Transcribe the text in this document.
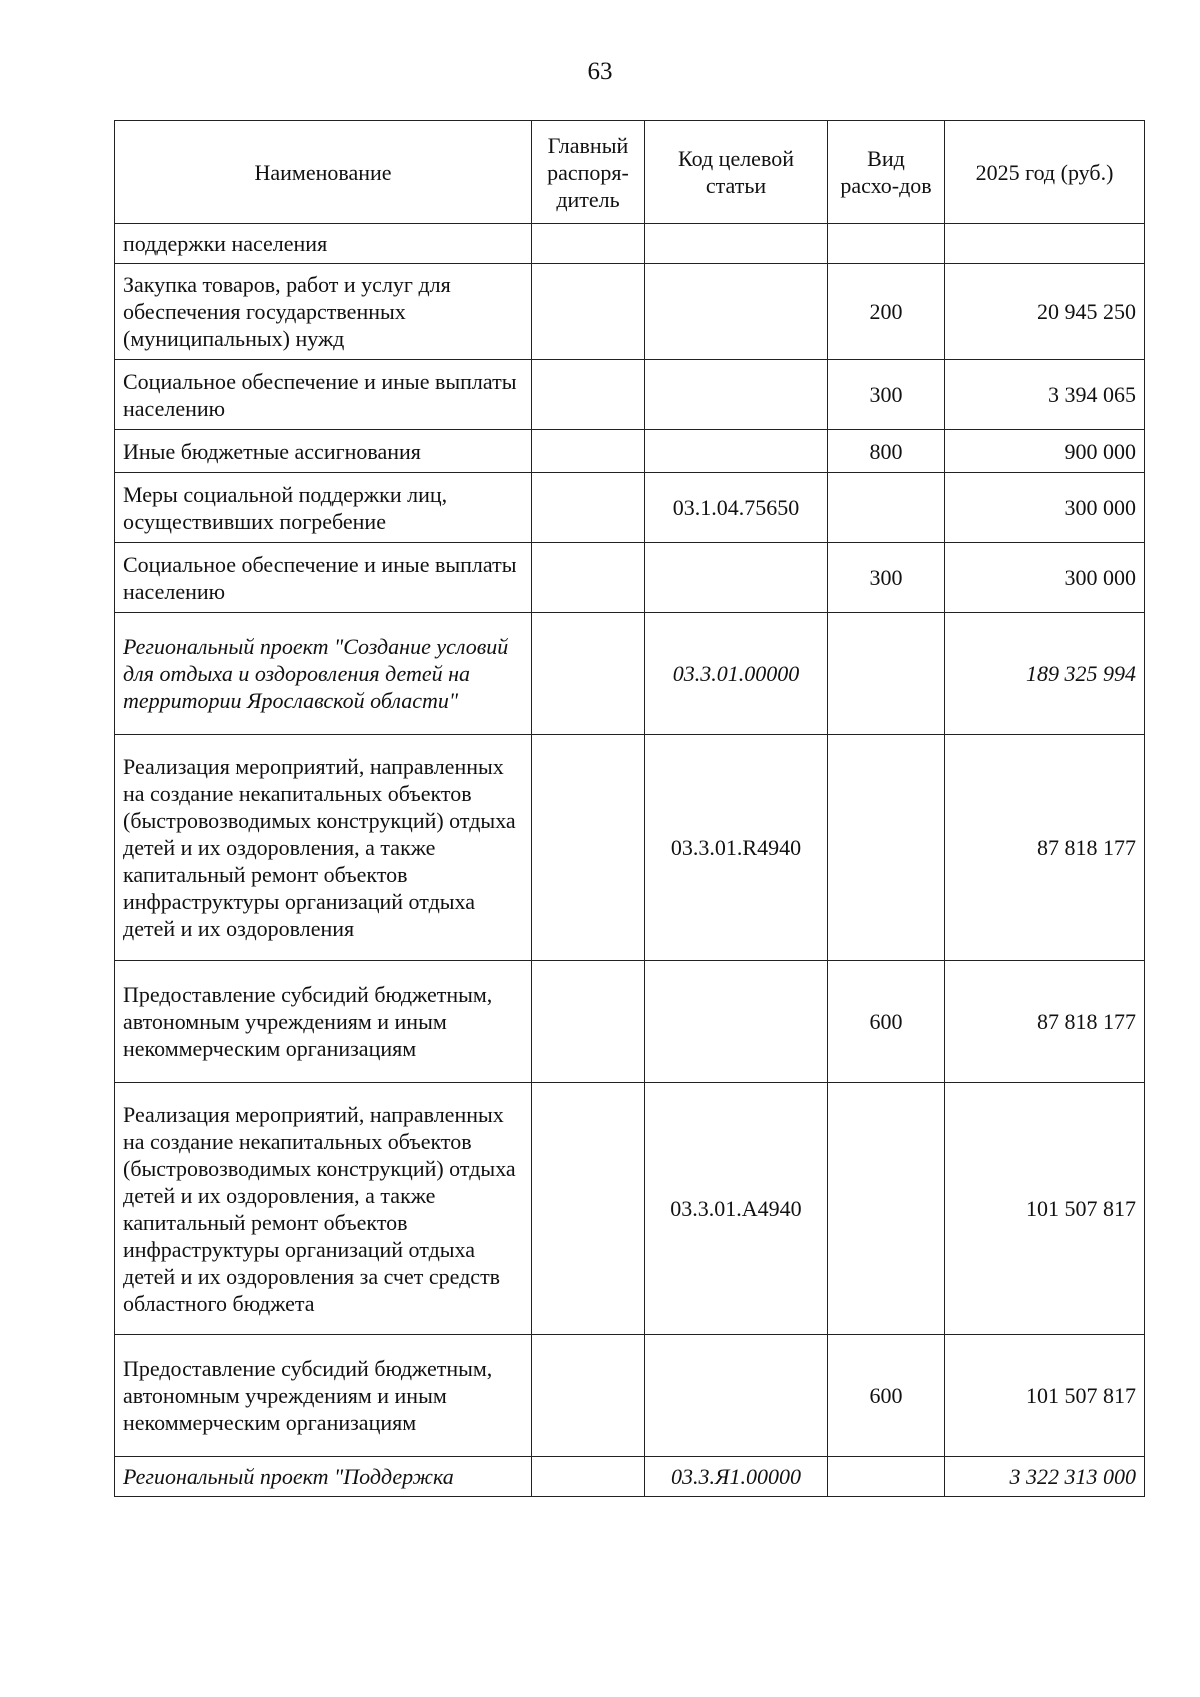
63
Наименование	Главный распоря-дитель	Код целевой статьи	Вид расхо-дов	2025 год (руб.)
поддержки населения				
Закупка товаров, работ и услуг для обеспечения государственных (муниципальных) нужд			200	20 945 250
Социальное обеспечение и иные выплаты населению			300	3 394 065
Иные бюджетные ассигнования			800	900 000
Меры социальной поддержки лиц, осуществивших погребение		03.1.04.75650		300 000
Социальное обеспечение и иные выплаты населению			300	300 000
Региональный проект "Создание условий для отдыха и оздоровления детей на территории Ярославской области"		03.3.01.00000		189 325 994
Реализация мероприятий, направленных на создание некапитальных объектов (быстровозводимых конструкций) отдыха детей и их оздоровления, а также капитальный ремонт объектов инфраструктуры организаций отдыха детей и их оздоровления		03.3.01.R4940		87 818 177
Предоставление субсидий бюджетным, автономным учреждениям и иным некоммерческим организациям			600	87 818 177
Реализация мероприятий, направленных на создание некапитальных объектов (быстровозводимых конструкций) отдыха детей и их оздоровления, а также капитальный ремонт объектов инфраструктуры организаций отдыха детей и их оздоровления за счет средств областного бюджета		03.3.01.А4940		101 507 817
Предоставление субсидий бюджетным, автономным учреждениям и иным некоммерческим организациям			600	101 507 817
Региональный проект "Поддержка		03.3.Я1.00000		3 322 313 000
